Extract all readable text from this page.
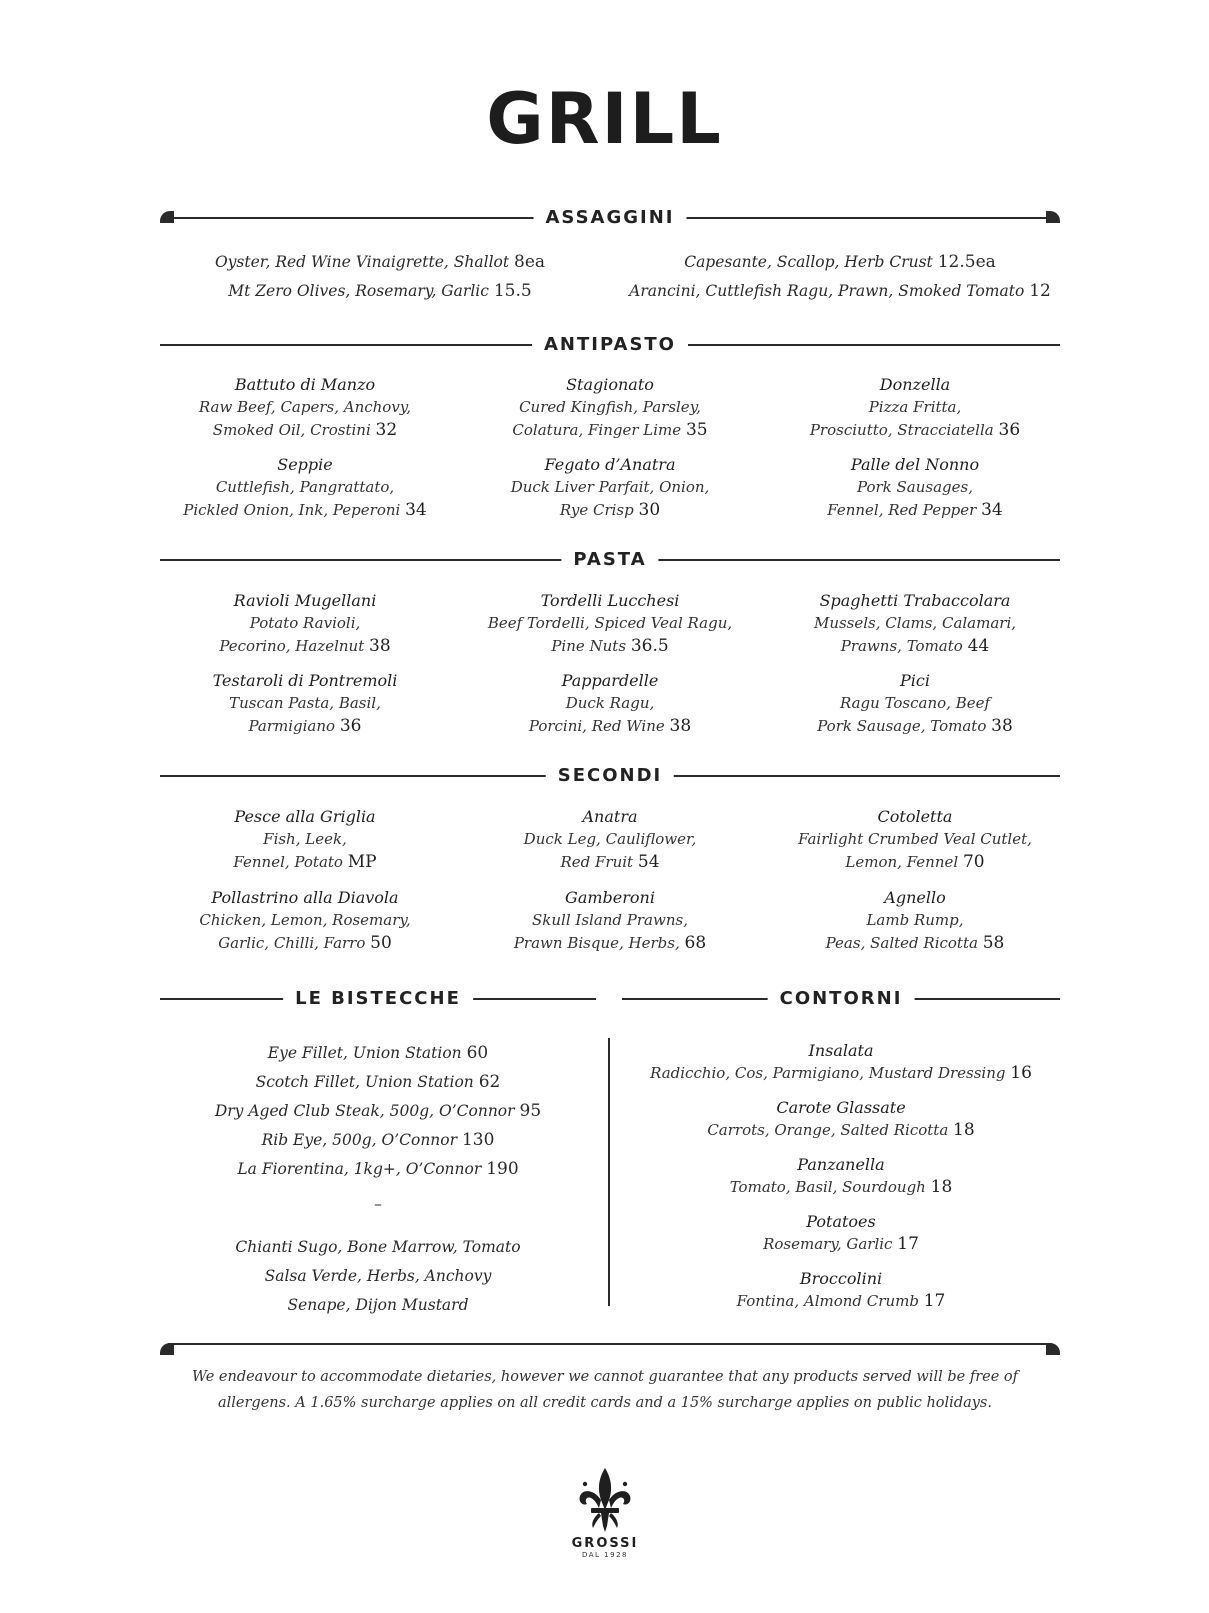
GRILL
ASSAGGINI
Oyster, Red Wine Vinaigrette, Shallot 8ea
Mt Zero Olives, Rosemary, Garlic 15.5
Capesante, Scallop, Herb Crust 12.5ea
Arancini, Cuttlefish Ragu, Prawn, Smoked Tomato 12
ANTIPASTO
Battuto di Manzo
Raw Beef, Capers, Anchovy,
Smoked Oil, Crostini 32
Stagionato
Cured Kingfish, Parsley,
Colatura, Finger Lime 35
Donzella
Pizza Fritta,
Prosciutto, Stracciatella 36
Seppie
Cuttlefish, Pangrattato,
Pickled Onion, Ink, Peperoni 34
Fegato d’Anatra
Duck Liver Parfait, Onion,
Rye Crisp 30
Palle del Nonno
Pork Sausages,
Fennel, Red Pepper 34
PASTA
Ravioli Mugellani
Potato Ravioli,
Pecorino, Hazelnut 38
Tordelli Lucchesi
Beef Tordelli, Spiced Veal Ragu,
Pine Nuts 36.5
Spaghetti Trabaccolara
Mussels, Clams, Calamari,
Prawns, Tomato 44
Testaroli di Pontremoli
Tuscan Pasta, Basil,
Parmigiano 36
Pappardelle
Duck Ragu,
Porcini, Red Wine 38
Pici
Ragu Toscano, Beef
Pork Sausage, Tomato 38
SECONDI
Pesce alla Griglia
Fish, Leek,
Fennel, Potato MP
Anatra
Duck Leg, Cauliflower,
Red Fruit 54
Cotoletta
Fairlight Crumbed Veal Cutlet,
Lemon, Fennel 70
Pollastrino alla Diavola
Chicken, Lemon, Rosemary,
Garlic, Chilli, Farro 50
Gamberoni
Skull Island Prawns,
Prawn Bisque, Herbs, 68
Agnello
Lamb Rump,
Peas, Salted Ricotta 58
LE BISTECCHE	CONTORNI
Eye Fillet, Union Station 60
Scotch Fillet, Union Station 62
Dry Aged Club Steak, 500g, O’Connor 95
Rib Eye, 500g, O’Connor 130
La Fiorentina, 1kg+, O’Connor 190
–
Chianti Sugo, Bone Marrow, Tomato
Salsa Verde, Herbs, Anchovy
Senape, Dijon Mustard
Insalata
Radicchio, Cos, Parmigiano, Mustard Dressing 16
Carote Glassate
Carrots, Orange, Salted Ricotta 18
Panzanella
Tomato, Basil, Sourdough 18
Potatoes
Rosemary, Garlic 17
Broccolini
Fontina, Almond Crumb 17
We endeavour to accommodate dietaries, however we cannot guarantee that any products served will be free of
allergens. A 1.65% surcharge applies on all credit cards and a 15% surcharge applies on public holidays.
GROSSI
DAL 1928
